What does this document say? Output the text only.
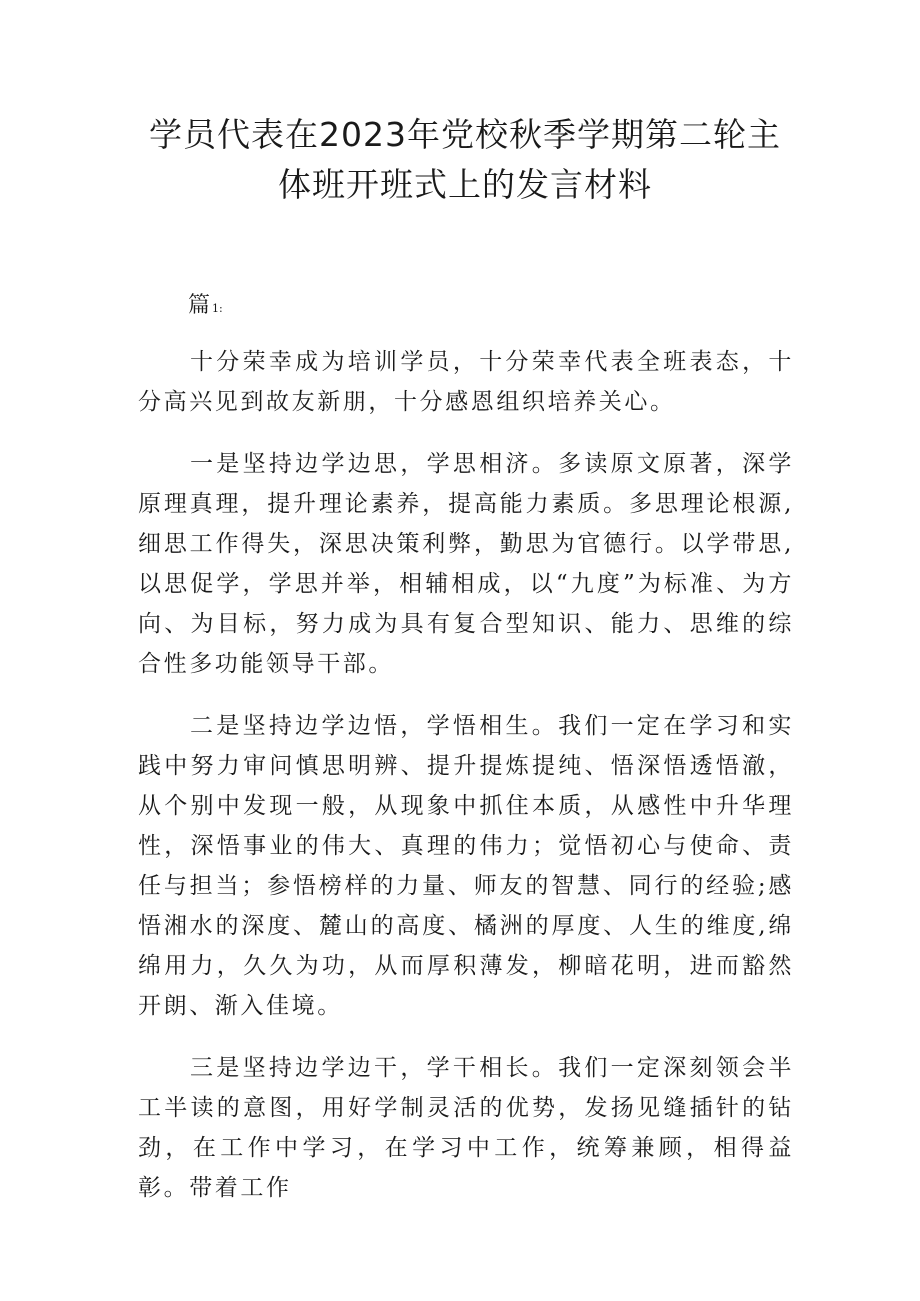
学员代表在2023年党校秋季学期第二轮主
体班开班式上的发言材料

篇 1:

十分荣幸成为培训学员，十分荣幸代表全班表态，十分高兴见到故友新朋，十分感恩组织培养关心。

一是坚持边学边思，学思相济。多读原文原著，深学原理真理，提升理论素养，提高能力素质。多思理论根源,细思工作得失，深思决策利弊，勤思为官德行。以学带思,以思促学，学思并举，相辅相成，以“九度”为标准、为方向、为目标，努力成为具有复合型知识、能力、思维的综合性多功能领导干部。

二是坚持边学边悟，学悟相生。我们一定在学习和实践中努力审问慎思明辨、提升提炼提纯、悟深悟透悟澈，从个别中发现一般，从现象中抓住本质，从感性中升华理性，深悟事业的伟大、真理的伟力；觉悟初心与使命、责任与担当；参悟榜样的力量、师友的智慧、同行的经验;感悟湘水的深度、麓山的高度、橘洲的厚度、人生的维度,绵绵用力，久久为功，从而厚积薄发，柳暗花明，进而豁然开朗、渐入佳境。

三是坚持边学边干，学干相长。我们一定深刻领会半工半读的意图，用好学制灵活的优势，发扬见缝插针的钻劲，在工作中学习，在学习中工作，统筹兼顾，相得益彰。带着工作
